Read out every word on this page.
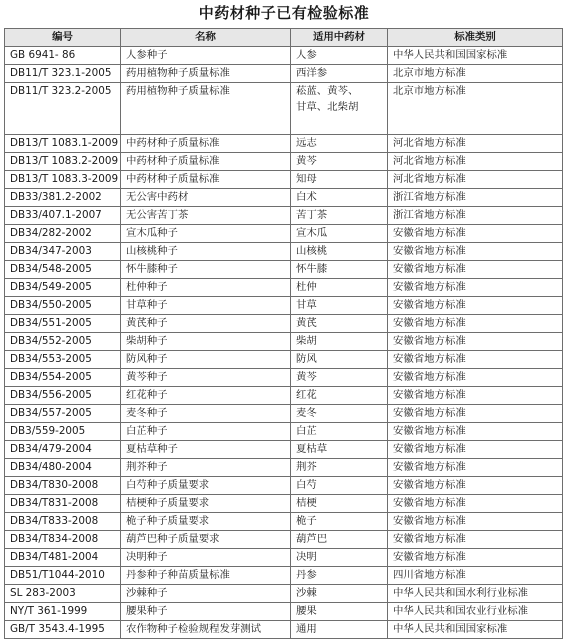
中药材种子已有检验标准
编号	名称	适用中药材	标准类别
GB 6941- 86	人参种子	人参	中华人民共和国国家标准
DB11/T 323.1-2005	药用植物种子质量标准	西洋参	北京市地方标准
DB11/T 323.2-2005	药用植物种子质量标准	菘蓝、黄芩、
甘草、北柴胡	北京市地方标准
DB13/T 1083.1-2009	中药材种子质量标准	远志	河北省地方标准
DB13/T 1083.2-2009	中药材种子质量标准	黄芩	河北省地方标准
DB13/T 1083.3-2009	中药材种子质量标准	知母	河北省地方标准
DB33/381.2-2002	无公害中药材	白术	浙江省地方标准
DB33/407.1-2007	无公害苦丁茶	苦丁茶	浙江省地方标准
DB34/282-2002	宣木瓜种子	宣木瓜	安徽省地方标准
DB34/347-2003	山核桃种子	山核桃	安徽省地方标准
DB34/548-2005	怀牛膝种子	怀牛膝	安徽省地方标准
DB34/549-2005	杜仲种子	杜仲	安徽省地方标准
DB34/550-2005	甘草种子	甘草	安徽省地方标准
DB34/551-2005	黄芪种子	黄芪	安徽省地方标准
DB34/552-2005	柴胡种子	柴胡	安徽省地方标准
DB34/553-2005	防风种子	防风	安徽省地方标准
DB34/554-2005	黄芩种子	黄芩	安徽省地方标准
DB34/556-2005	红花种子	红花	安徽省地方标准
DB34/557-2005	麦冬种子	麦冬	安徽省地方标准
DB3/559-2005	白芷种子	白芷	安徽省地方标准
DB34/479-2004	夏枯草种子	夏枯草	安徽省地方标准
DB34/480-2004	荆芥种子	荆芥	安徽省地方标准
DB34/T830-2008	白芍种子质量要求	白芍	安徽省地方标准
DB34/T831-2008	桔梗种子质量要求	桔梗	安徽省地方标准
DB34/T833-2008	桅子种子质量要求	桅子	安徽省地方标准
DB34/T834-2008	葫芦巴种子质量要求	葫芦巴	安徽省地方标准
DB34/T481-2004	决明种子	决明	安徽省地方标准
DB51/T1044-2010	丹参种子种苗质量标准	丹参	四川省地方标准
SL 283-2003	沙棘种子	沙棘	中华人民共和国水利行业标准
NY/T 361-1999	腰果种子	腰果	中华人民共和国农业行业标准
GB/T 3543.4-1995	农作物种子检验规程发芽测试	通用	中华人民共和国国家标准
